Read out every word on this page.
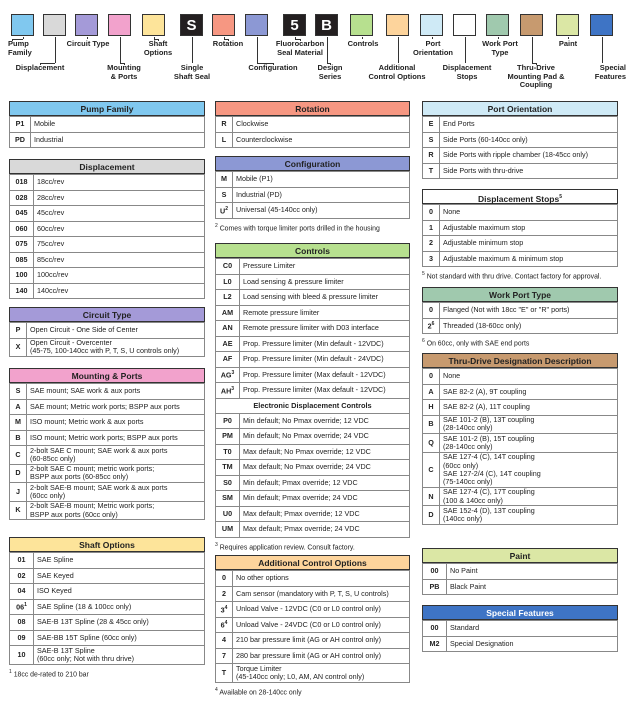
Pump
Family
Displacement
Circuit Type
Mounting
& Ports
Shaft
Options
S
Single
Shaft Seal
Rotation
Configuration
5
Fluorocarbon
Seal Material
B
Design
Series
Controls
Additional
Control Options
Port
Orientation
Displacement
Stops
Work Port
Type
Thru-Drive
Mounting Pad &
Coupling
Paint
Special
Features
Pump Family
P1	Mobile

PD	Industrial
Displacement
018	18cc/rev

028	28cc/rev

045	45cc/rev

060	60cc/rev

075	75cc/rev

085	85cc/rev

100	100cc/rev

140	140cc/rev
Circuit Type
P	Open Circuit - One Side of Center

X	Open Circuit - Overcenter
(45-75, 100-140cc with P, T, S, U controls only)
Mounting & Ports
S	SAE mount; SAE work & aux ports

A	SAE mount; Metric work ports; BSPP aux ports

M	ISO mount; Metric work & aux ports

B	ISO mount; Metric work ports; BSPP aux ports

C	2-bolt SAE C mount; SAE work & aux ports
(60-85cc only)

D	2-bolt SAE C mount; metric work ports;
BSPP aux ports (60-85cc only)

J	2-bolt SAE-B mount; SAE work & aux ports
(60cc only)

K	2-bolt SAE-B mount; Metric work ports;
BSPP aux ports (60cc only)
Shaft Options
01	SAE Spline

02	SAE Keyed

04	ISO Keyed

$06^1$	SAE Spline (18 & 100cc only)

08	SAE-B 13T Spline (28 & 45cc only)

09	SAE-BB 15T Spline (60cc only)

10	SAE-B 13T Spline
(60cc only; Not with thru drive)
$^1$ 18cc de-rated to 210 bar
Rotation
R	Clockwise

L	Counterclockwise
Configuration
M	Mobile (P1)

S	Industrial (PD)

$U^2$	Universal (45-140cc only)
$^2$ Comes with torque limiter ports drilled in the housing
Controls
C0	Pressure Limiter

L0	Load sensing & pressure limiter

L2	Load sensing with bleed & pressure limiter

AM	Remote pressure limiter

AN	Remote pressure limiter with D03 interface

AE	Prop. Pressure limiter (Min default - 12VDC)

AF	Prop. Pressure limiter (Min default - 24VDC)

$AG^3$	Prop. Pressure limiter (Max default - 12VDC)

$AH^3$	Prop. Pressure limiter (Max default - 12VDC)
Electronic Displacement Controls
P0	Min default; No Pmax override; 12 VDC

PM	Min default; No Pmax override; 24 VDC

T0	Max default; No Pmax override; 12 VDC

TM	Max default; No Pmax override; 24 VDC

S0	Min default; Pmax override; 12 VDC

SM	Min default; Pmax override; 24 VDC

U0	Max default; Pmax override; 12 VDC

UM	Max default; Pmax override; 24 VDC
$^3$ Requires application review. Consult factory.
Additional Control Options
0	No other options

2	Cam sensor (mandatory with P, T, S, U controls)

$3^4$	Unload Valve - 12VDC (C0 or L0 control only)

$6^4$	Unload Valve - 24VDC (C0 or L0 control only)

4	210 bar pressure limit (AG or AH control only)

7	280 bar pressure limit (AG or AH control only)

T	Torque Limiter
(45-140cc only; L0, AM, AN control only)
$^4$ Available on 28-140cc only
Port Orientation
E	End Ports

S	Side Ports (60-140cc only)

R	Side Ports with ripple chamber (18-45cc only)

T	Side Ports with thru-drive
Displacement Stops$^5$
0	None

1	Adjustable maximum stop

2	Adjustable minimum stop

3	Adjustable maximum & minimum stop
$^5$ Not standard with thru drive. Contact factory for approval.
Work Port Type
0	Flanged (Not with 18cc "E" or "R" ports)

$2^6$	Threaded (18-60cc only)
$^6$ On 60cc, only with SAE end ports
Thru-Drive Designation Description
0	None

A	SAE 82-2 (A), 9T coupling

H	SAE 82-2 (A), 11T coupling

B	SAE 101-2 (B), 13T coupling
(28-140cc only)

Q	SAE 101-2 (B), 15T coupling
(28-140cc only)

C	SAE 127-4 (C), 14T coupling
(60cc only)
SAE 127-2/4 (C), 14T coupling
(75-140cc only)

N	SAE 127-4 (C), 17T coupling
(100 & 140cc only)

D	SAE 152-4 (D), 13T coupling
(140cc only)
Paint
00	No Paint

PB	Black Paint
Special Features
00	Standard

M2	Special Designation
